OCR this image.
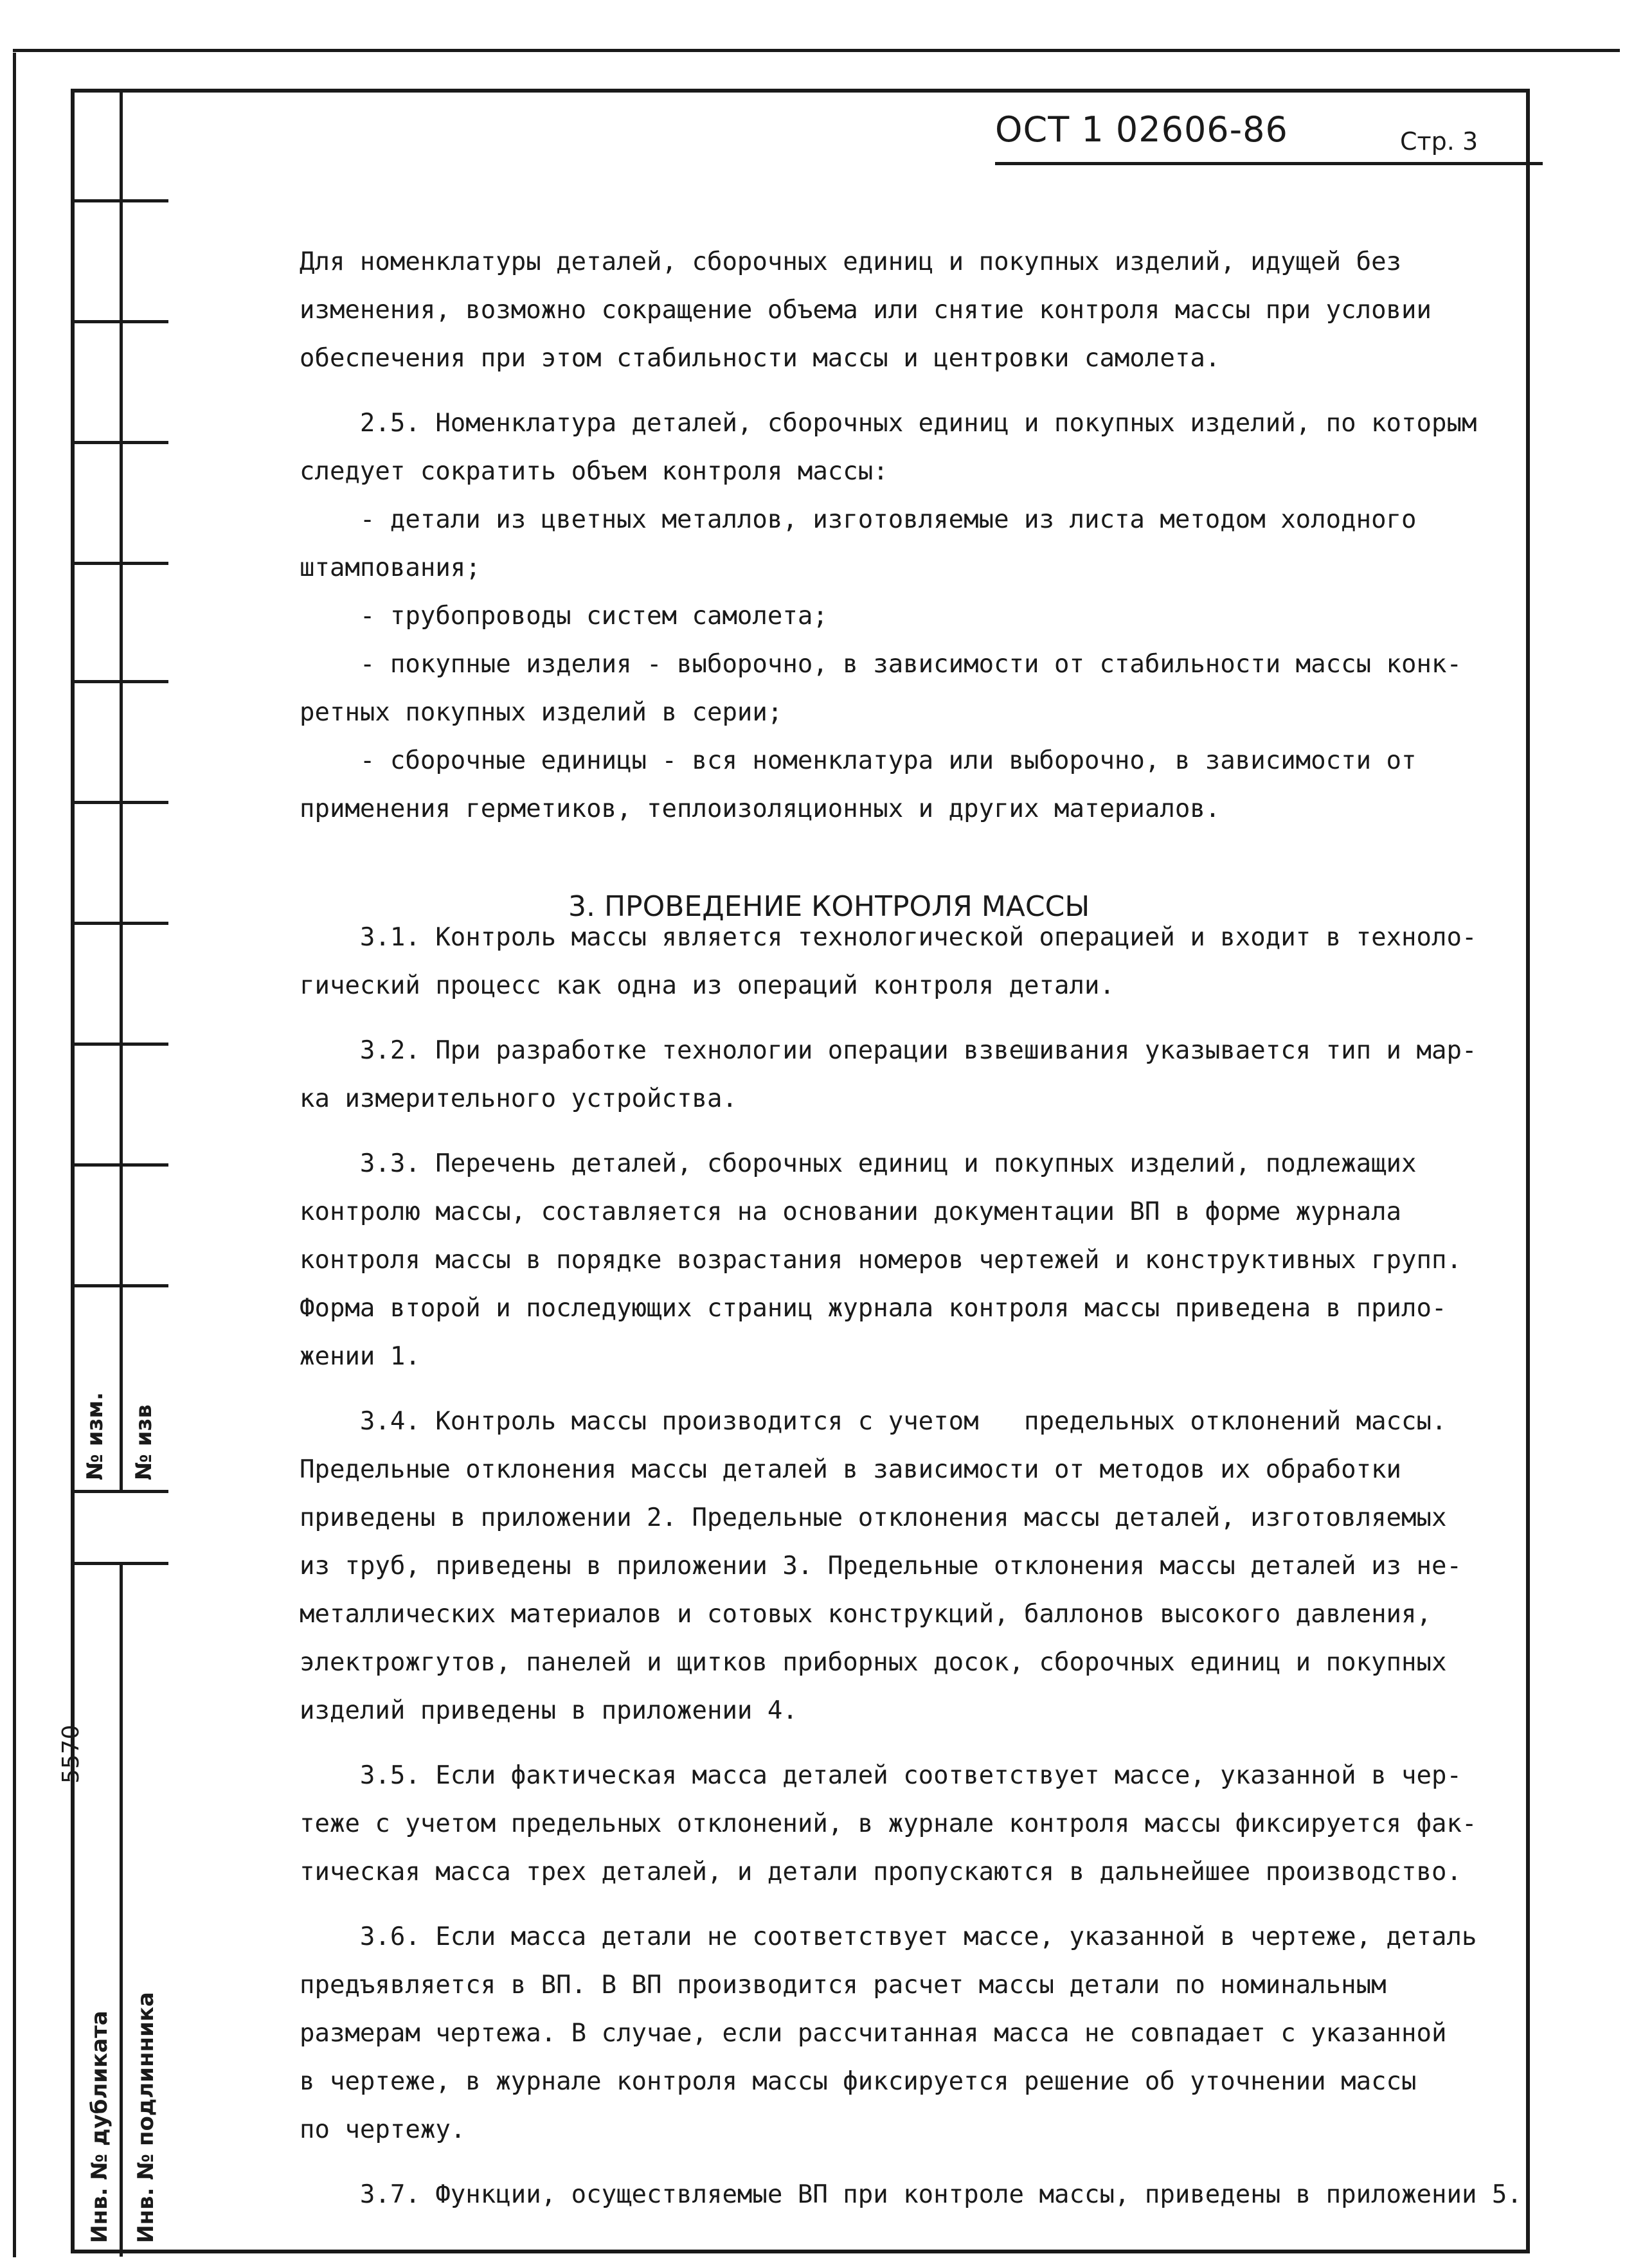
№ изм. № изв
5570
Инв. № дубликата Инв. № подлинника
ОСТ 1 02606-86	Стр. 3

Для номенклатуры деталей, сборочных единиц и покупных изделий, идущей без

изменения, возможно сокращение объема или снятие контроля массы при условии

обеспечения при этом стабильности массы и центровки самолета.

2.5. Номенклатура деталей, сборочных единиц и покупных изделий, по которым

следует сократить объем контроля массы:

- детали из цветных металлов, изготовляемые из листа методом холодного

штампования;

- трубопроводы систем самолета;

- покупные изделия - выборочно, в зависимости от стабильности массы конк-

ретных покупных изделий в серии;

- сборочные единицы - вся номенклатура или выборочно, в зависимости от

применения герметиков, теплоизоляционных и других материалов.

3.1. Контроль массы является технологической операцией и входит в техноло-

гический процесс как одна из операций контроля детали.

3.2. При разработке технологии операции взвешивания указывается тип и мар-

ка измерительного устройства.

3.3. Перечень деталей, сборочных единиц и покупных изделий, подлежащих

контролю массы, составляется на основании документации ВП в форме журнала

контроля массы в порядке возрастания номеров чертежей и конструктивных групп.

Форма второй и последующих страниц журнала контроля массы приведена в прило-

жении 1.

3.4. Контроль массы производится с учетом   предельных отклонений массы.

Предельные отклонения массы деталей в зависимости от методов их обработки

приведены в приложении 2. Предельные отклонения массы деталей, изготовляемых

из труб, приведены в приложении 3. Предельные отклонения массы деталей из не-

металлических материалов и сотовых конструкций, баллонов высокого давления,

электрожгутов, панелей и щитков приборных досок, сборочных единиц и покупных

изделий приведены в приложении 4.

3.5. Если фактическая масса деталей соответствует массе, указанной в чер-

теже с учетом предельных отклонений, в журнале контроля массы фиксируется фак-

тическая масса трех деталей, и детали пропускаются в дальнейшее производство.

3.6. Если масса детали не соответствует массе, указанной в чертеже, деталь

предъявляется в ВП. В ВП производится расчет массы детали по номинальным

размерам чертежа. В случае, если рассчитанная масса не совпадает с указанной

в чертеже, в журнале контроля массы фиксируется решение об уточнении массы

по чертежу.

3.7. Функции, осуществляемые ВП при контроле массы, приведены в приложении 5.

3. ПРОВЕДЕНИЕ КОНТРОЛЯ МАССЫ
